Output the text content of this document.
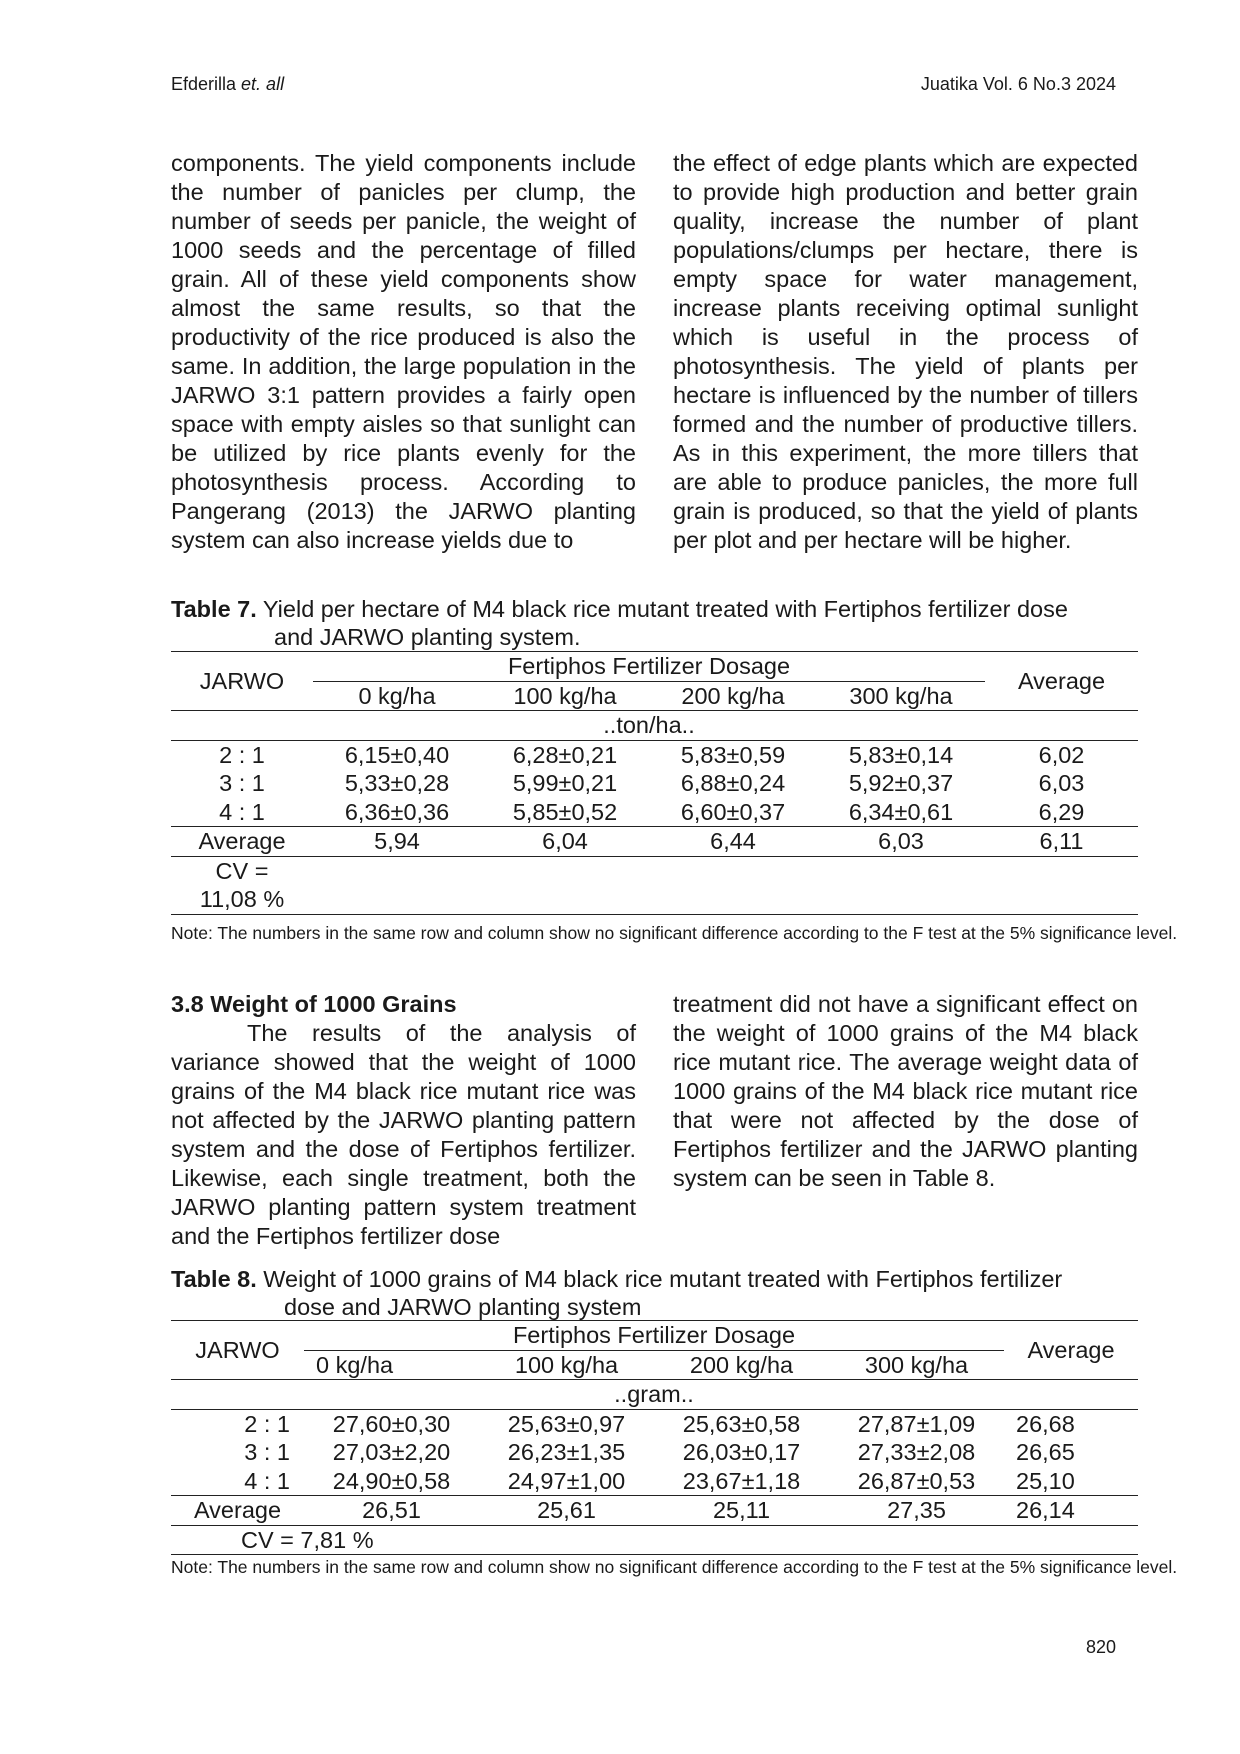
Efderilla et. all	Juatika Vol. 6 No.3 2024

components. The yield components include the number of panicles per clump, the number of seeds per panicle, the weight of 1000 seeds and the percentage of filled grain. All of these yield components show almost the same results, so that the productivity of the rice produced is also the same. In addition, the large population in the JARWO 3:1 pattern provides a fairly open space with empty aisles so that sunlight can be utilized by rice plants evenly for the photosynthesis process. According to Pangerang (2013) the JARWO planting system can also increase yields due to

the effect of edge plants which are expected to provide high production and better grain quality, increase the number of plant populations/clumps per hectare, there is empty space for water management, increase plants receiving optimal sunlight which is useful in the process of photosynthesis. The yield of plants per hectare is influenced by the number of tillers formed and the number of productive tillers. As in this experiment, the more tillers that are able to produce panicles, the more full grain is produced, so that the yield of plants per plot and per hectare will be higher.

Table 7. Yield per hectare of M4 black rice mutant treated with Fertiphos fertilizer dose
and JARWO planting system.

JARWO	Fertiphos Fertilizer Dosage				Average
	0 kg/ha	100 kg/ha	200 kg/ha	300 kg/ha	
	..ton/ha..				
2 : 1	6,15±0,40	6,28±0,21	5,83±0,59	5,83±0,14	6,02
3 : 1	5,33±0,28	5,99±0,21	6,88±0,24	5,92±0,37	6,03
4 : 1	6,36±0,36	5,85±0,52	6,60±0,37	6,34±0,61	6,29
Average	5,94	6,04	6,44	6,03	6,11
CV =
11,08 %					

Note: The numbers in the same row and column show no significant difference according to the F test at the 5% significance level.

3.8 Weight of 1000 Grains

The results of the analysis of variance showed that the weight of 1000 grains of the M4 black rice mutant rice was not affected by the JARWO planting pattern system and the dose of Fertiphos fertilizer. Likewise, each single treatment, both the JARWO planting pattern system treatment and the Fertiphos fertilizer dose

treatment did not have a significant effect on the weight of 1000 grains of the M4 black rice mutant rice. The average weight data of 1000 grains of the M4 black rice mutant rice that were not affected by the dose of Fertiphos fertilizer and the JARWO planting system can be seen in Table 8.

Table 8. Weight of 1000 grains of M4 black rice mutant treated with Fertiphos fertilizer
dose and JARWO planting system

JARWO	Fertiphos Fertilizer Dosage				Average
	0 kg/ha	100 kg/ha	200 kg/ha	300 kg/ha	
	..gram..				
2 : 1	27,60±0,30	25,63±0,97	25,63±0,58	27,87±1,09	26,68
3 : 1	27,03±2,20	26,23±1,35	26,03±0,17	27,33±2,08	26,65
4 : 1	24,90±0,58	24,97±1,00	23,67±1,18	26,87±0,53	25,10
Average	26,51	25,61	25,11	27,35	26,14
CV = 7,81 %					

Note: The numbers in the same row and column show no significant difference according to the F test at the 5% significance level.

820
